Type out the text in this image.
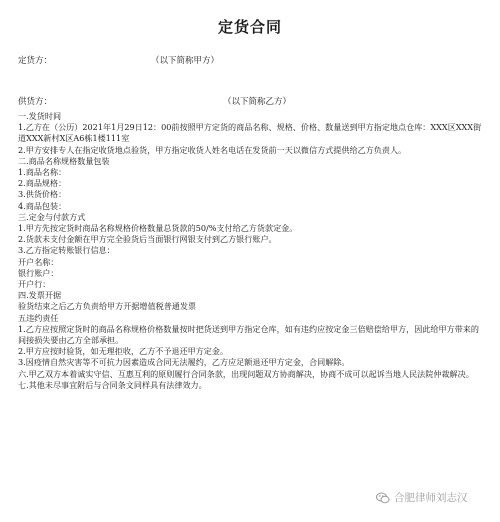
定货合同
定货方：	（以下简称甲方）
供货方：	（以下简称乙方）
一.发货时间
1.乙方在（公历）2021年1月29日12：00前按照甲方定货的商品名称、规格、价格、数量送到甲方指定地点仓库：XXX区XXX街道XXX新村X区A6栋1楼111室
2.甲方安排专人在指定收货地点验货，甲方指定收货人姓名电话在发货前一天以微信方式提供给乙方负责人。
二.商品名称规格数量包装
1.商品名称：
2.商品规格：
3.供货价格：
4.商品包装：
三.定金与付款方式
1.甲方先按定货时商品名称规格价格数量总货款的50/%支付给乙方货款定金。
2.货款未支付金额在甲方完全验货后当面银行网银支付到乙方银行账户。
3.乙方指定转账银行信息：
开户名称：
银行账户：
开户行：
四.发票开据
验货结束之后乙方负责给甲方开据增值税普通发票
五违约责任
1.乙方应按照定货时的商品名称规格价格数量按时把货送到甲方指定仓库，如有违约应按定金三倍赔偿给甲方，因此给甲方带来的间接损失要由乙方全部承担。
2.甲方应按时验货，如无理拒收，乙方不予退还甲方定金。
3.因疫情自然灾害等不可抗力因素造成合同无法履约，乙方应足额退还甲方定金，合同解除。
六.甲乙双方本着诚实守信、互惠互利的原则履行合同条款，出现问题双方协商解决，协商不成可以起诉当地人民法院仲裁解决。
七.其他未尽事宜附后与合同条文同样具有法律效力。
合肥律师刘志汉
